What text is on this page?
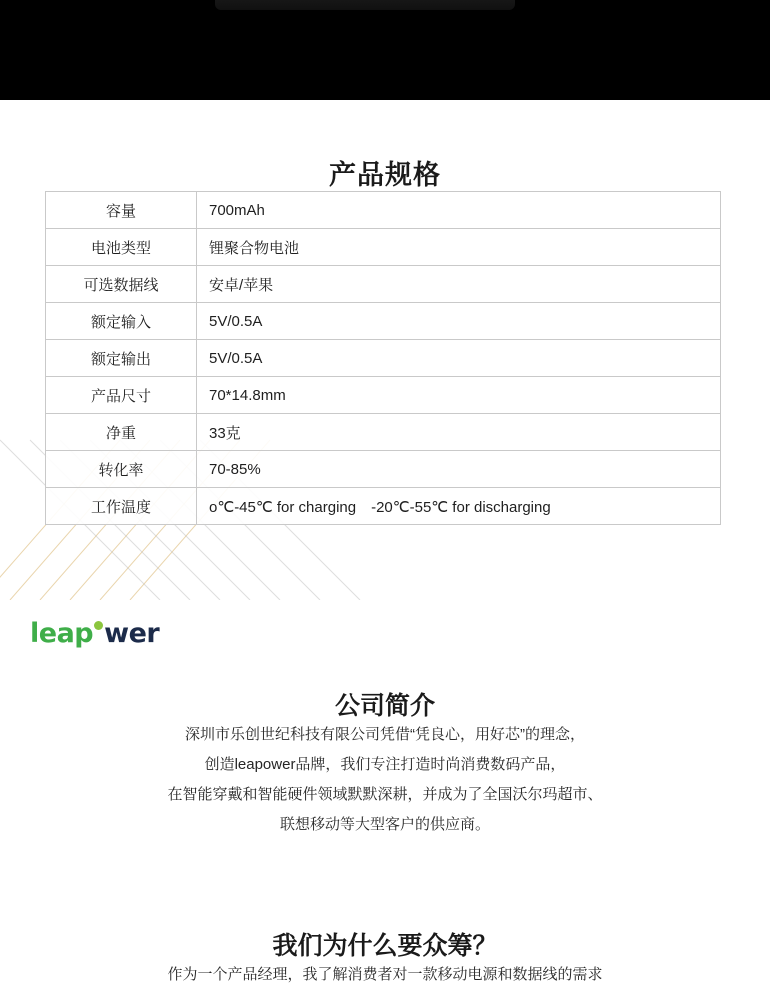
产品规格
容量	700mAh
电池类型	锂聚合物电池
可选数据线	安卓/苹果
额定输入	5V/0.5A
额定输出	5V/0.5A
产品尺寸	70*14.8mm
净重	33克
转化率	70-85%
工作温度	o℃-45℃ for charging　-20℃-55℃ for discharging
leap wer
公司简介
深圳市乐创世纪科技有限公司凭借“凭良心，用好芯”的理念，
创造leapower品牌，我们专注打造时尚消费数码产品，
在智能穿戴和智能硬件领域默默深耕，并成为了全国沃尔玛超市、
联想移动等大型客户的供应商。
我们为什么要众筹？
作为一个产品经理，我了解消费者对一款移动电源和数据线的需求
